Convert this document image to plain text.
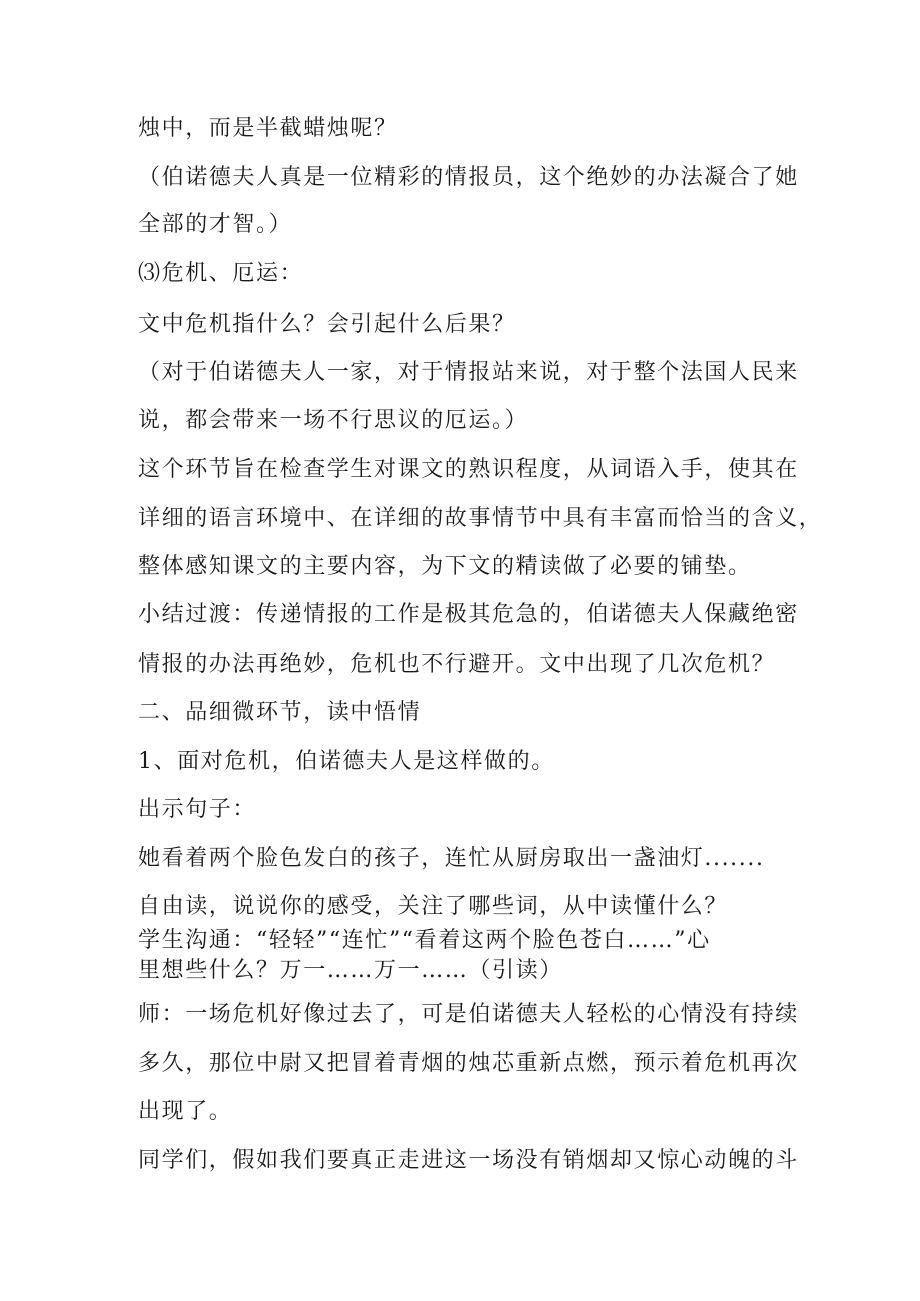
烛中，而是半截蜡烛呢？
（伯诺德夫人真是一位精彩的情报员，这个绝妙的办法凝合了她
全部的才智。）
⑶危机、厄运：
文中危机指什么？会引起什么后果？
（对于伯诺德夫人一家，对于情报站来说，对于整个法国人民来
说，都会带来一场不行思议的厄运。）
这个环节旨在检查学生对课文的熟识程度，从词语入手，使其在
详细的语言环境中、在详细的故事情节中具有丰富而恰当的含义，
整体感知课文的主要内容，为下文的精读做了必要的铺垫。
小结过渡：传递情报的工作是极其危急的，伯诺德夫人保藏绝密
情报的办法再绝妙，危机也不行避开。文中出现了几次危机？
二、品细微环节，读中悟情
1、面对危机，伯诺德夫人是这样做的。
出示句子：
她看着两个脸色发白的孩子，连忙从厨房取出一盏油灯.......
自由读，说说你的感受，关注了哪些词，从中读懂什么？
学生沟通：“轻轻”“连忙”“看着这两个脸色苍白……”心
里想些什么？万一……万一……（引读）
师：一场危机好像过去了，可是伯诺德夫人轻松的心情没有持续
多久，那位中尉又把冒着青烟的烛芯重新点燃，预示着危机再次
出现了。
同学们，假如我们要真正走进这一场没有销烟却又惊心动魄的斗
